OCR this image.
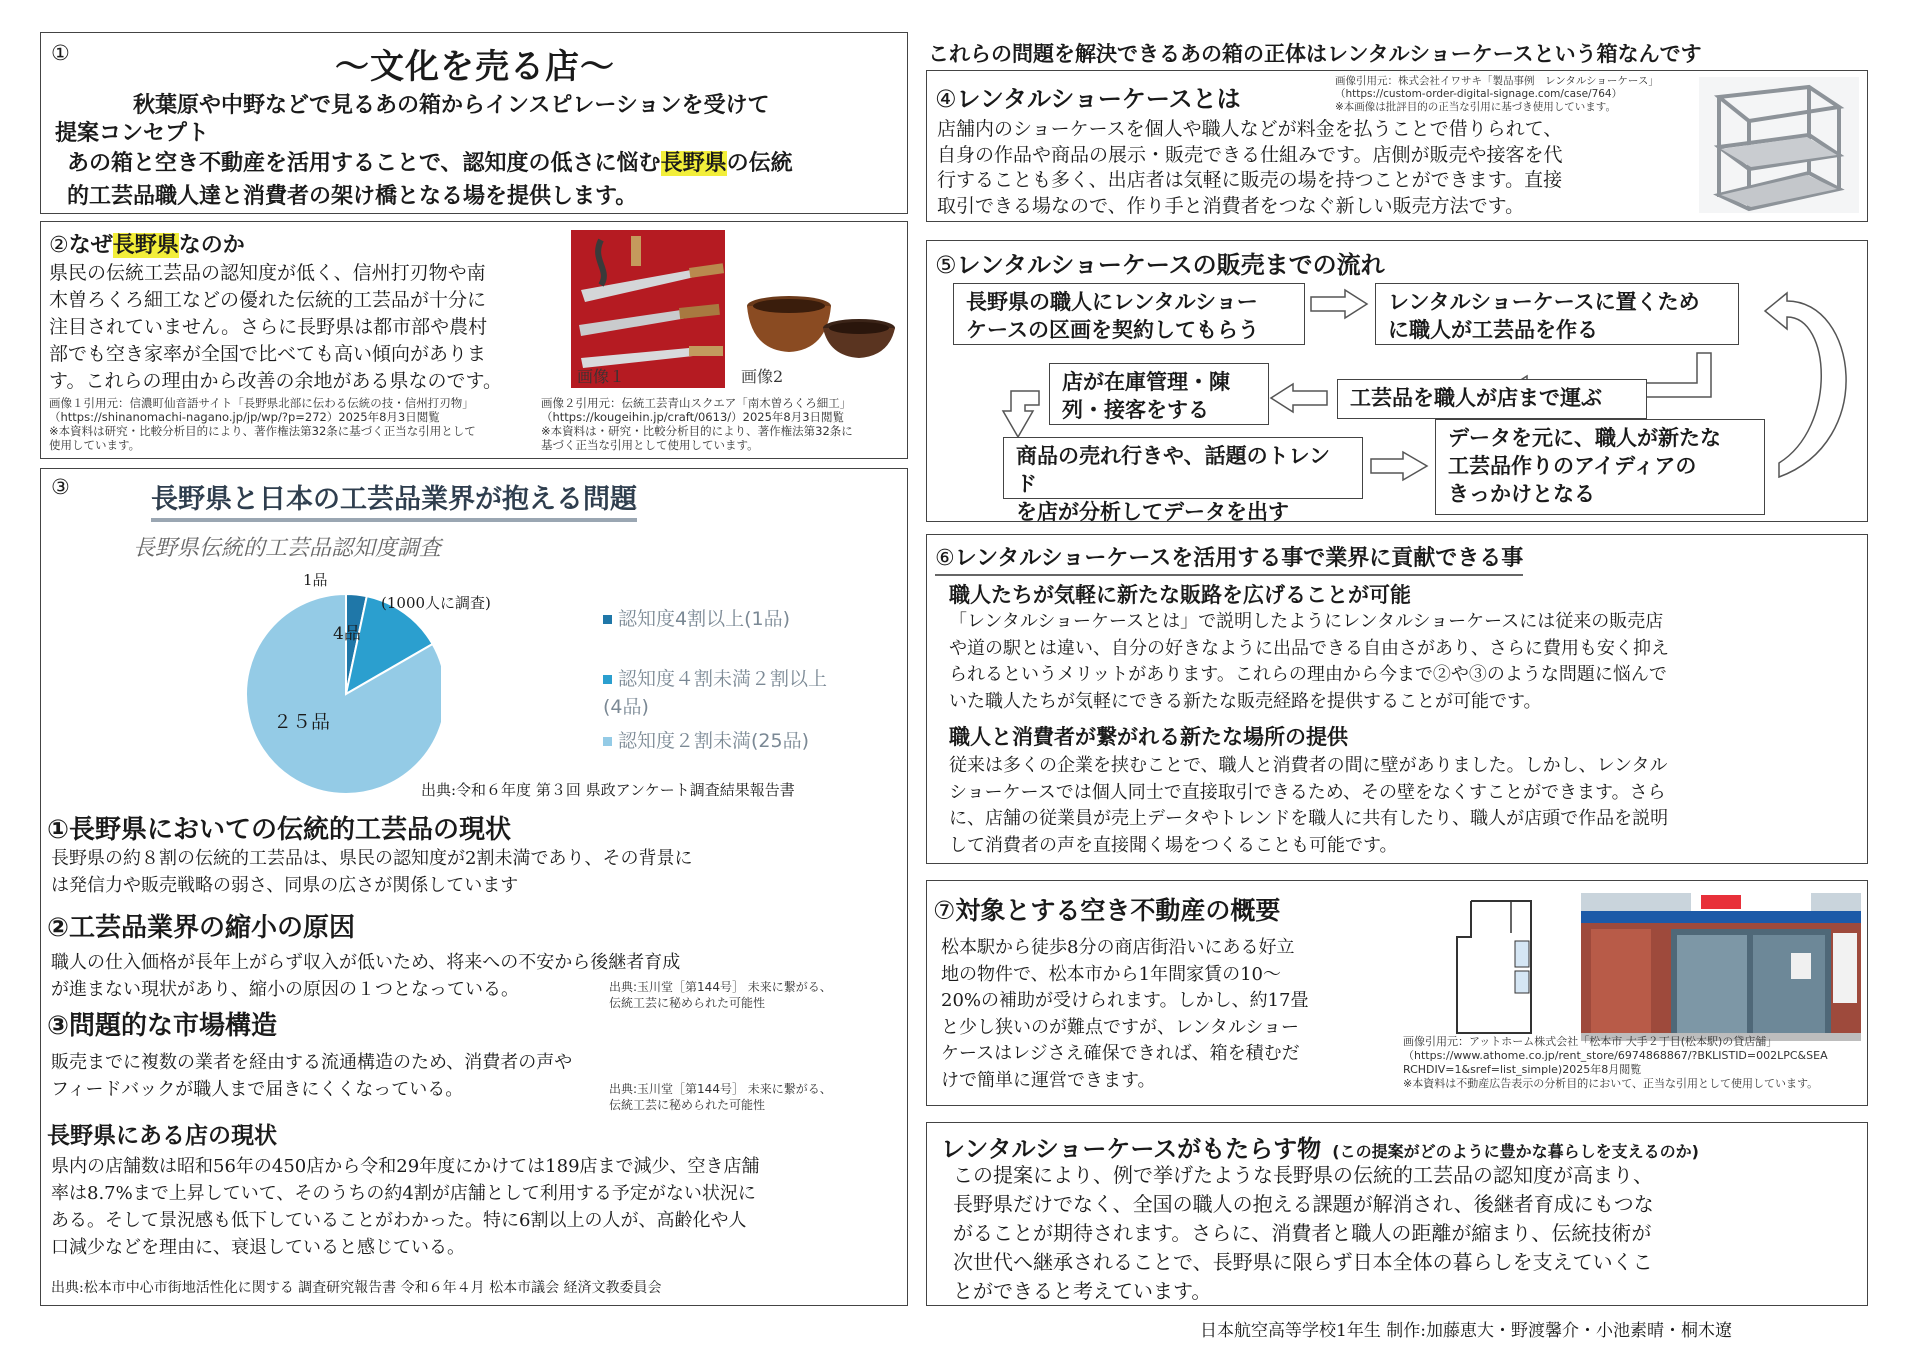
①	～文化を売る店～
秋葉原や中野などで見るあの箱からインスピレーションを受けて
提案コンセプト
あの箱と空き不動産を活用することで、認知度の低さに悩む長野県の伝統
的工芸品職人達と消費者の架け橋となる場を提供します。
②なぜ長野県なのか

県民の伝統工芸品の認知度が低く、信州打刃物や南

木曽ろくろ細工などの優れた伝統的工芸品が十分に

注目されていません。さらに長野県は都市部や農村

部でも空き家率が全国で比べても高い傾向がありま

す。これらの理由から改善の余地がある県なのです。	画像１	画像2

画像１引用元：信濃町仙音語サイト「長野県北部に伝わる伝統の技・信州打刃物」

（https://shinanomachi-nagano.jp/jp/wp/?p=272）2025年8月3日閲覧

※本資料は研究・比較分析目的により、著作権法第32条に基づく正当な引用として

使用しています。

画像２引用元：伝統工芸青山スクエア「南木曽ろくろ細工」

（https://kougeihin.jp/craft/0613/）2025年8月3日閲覧

※本資料は・研究・比較分析目的により、著作権法第32条に

基づく正当な引用として使用しています。

③	長野県と日本の工芸品業界が抱える問題
長野県伝統的工芸品認知度調査
1品
4品
２５品
(1000人に調査)
認知度4割以上(1品)
認知度４割未満２割以上
(4品)
認知度２割未満(25品)
出典:令和６年度 第３回 県政アンケート調査結果報告書
①長野県においての伝統的工芸品の現状

長野県の約８割の伝統的工芸品は、県民の認知度が2割未満であり、その背景に

は発信力や販売戦略の弱さ、同県の広さが関係しています

②工芸品業界の縮小の原因

職人の仕入価格が長年上がらず収入が低いため、将来への不安から後継者育成

が進まない現状があり、縮小の原因の１つとなっている。	出典:玉川堂［第144号］ 未来に繋がる、

伝統工芸に秘められた可能性

③問題的な市場構造

販売までに複数の業者を経由する流通構造のため、消費者の声や

フィードバックが職人まで届きにくくなっている。	出典:玉川堂［第144号］ 未来に繋がる、

伝統工芸に秘められた可能性

長野県にある店の現状

県内の店舗数は昭和56年の450店から令和29年度にかけては189店まで減少、空き店舗

率は8.7%まで上昇していて、そのうちの約4割が店舗として利用する予定がない状況に

ある。そして景況感も低下していることがわかった。特に6割以上の人が、高齢化や人

口減少などを理由に、衰退していると感じている。

出典:松本市中心市街地活性化に関する 調査研究報告書 令和６年４月 松本市議会 経済文教委員会
これらの問題を解決できるあの箱の正体はレンタルショーケースという箱なんです
④レンタルショーケースとは

画像引用元：株式会社イワサキ「製品事例　レンタルショーケース」

（https://custom-order-digital-signage.com/case/764）

※本画像は批評目的の正当な引用に基づき使用しています。

店舗内のショーケースを個人や職人などが料金を払うことで借りられて、

自身の作品や商品の展示・販売できる仕組みです。店側が販売や接客を代

行することも多く、出店者は気軽に販売の場を持つことができます。直接

取引できる場なので、作り手と消費者をつなぐ新しい販売方法です。

⑤レンタルショーケースの販売までの流れ

長野県の職人にレンタルショー

ケースの区画を契約してもらう

レンタルショーケースに置くため

に職人が工芸品を作る

工芸品を職人が店まで運ぶ

店が在庫管理・陳

列・接客をする

商品の売れ行きや、話題のトレンド

を店が分析してデータを出す

データを元に、職人が新たな

工芸品作りのアイディアの

きっかけとなる

⑥レンタルショーケースを活用する事で業界に貢献できる事
職人たちが気軽に新たな販路を広げることが可能

「レンタルショーケースとは」で説明したようにレンタルショーケースには従来の販売店

や道の駅とは違い、自分の好きなように出品できる自由さがあり、さらに費用も安く抑え

られるというメリットがあります。これらの理由から今まで②や③のような問題に悩んで

いた職人たちが気軽にできる新たな販売経路を提供することが可能です。

職人と消費者が繋がれる新たな場所の提供

従来は多くの企業を挟むことで、職人と消費者の間に壁がありました。しかし、レンタル

ショーケースでは個人同士で直接取引できるため、その壁をなくすことができます。さら

に、店舗の従業員が売上データやトレンドを職人に共有したり、職人が店頭で作品を説明

して消費者の声を直接聞く場をつくることも可能です。

⑦対象とする空き不動産の概要

松本駅から徒歩8分の商店街沿いにある好立

地の物件で、松本市から1年間家賃の10～

20%の補助が受けられます。しかし、約17畳

と少し狭いのが難点ですが、レンタルショー

ケースはレジさえ確保できれば、箱を積むだ

けで簡単に運営できます。

画像引用元：アットホーム株式会社「松本市 大手２丁目(松本駅)の貸店舗」

（https://www.athome.co.jp/rent_store/6974868867/?BKLISTID=002LPC&SEA

RCHDIV=1&sref=list_simple)2025年8月閲覧

※本資料は不動産広告表示の分析目的において、正当な引用として使用しています。

レンタルショーケースがもたらす物 (この提案がどのように豊かな暮らしを支えるのか)

この提案により、例で挙げたような長野県の伝統的工芸品の認知度が高まり、

長野県だけでなく、全国の職人の抱える課題が解消され、後継者育成にもつな

がることが期待されます。さらに、消費者と職人の距離が縮まり、伝統技術が

次世代へ継承されることで、長野県に限らず日本全体の暮らしを支えていくこ

とができると考えています。

日本航空高等学校1年生 制作:加藤恵大・野渡馨介・小池素晴・桐木遼
